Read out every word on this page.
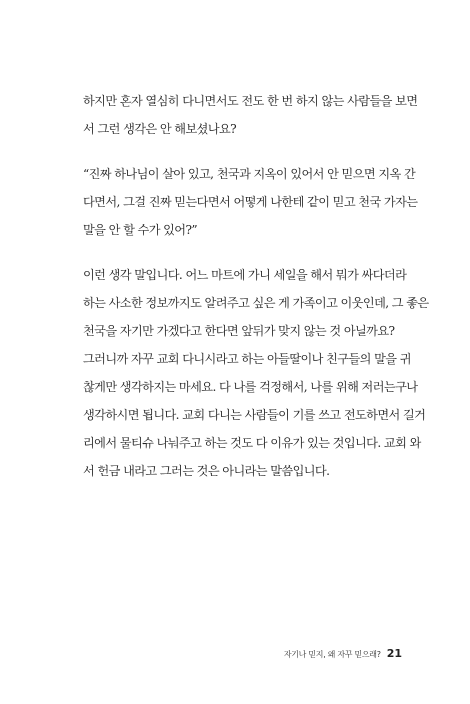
하지만 혼자 열심히 다니면서도 전도 한 번 하지 않는 사람들을 보면
서 그런 생각은 안 해보셨나요?
“진짜 하나님이 살아 있고, 천국과 지옥이 있어서 안 믿으면 지옥 간
다면서, 그걸 진짜 믿는다면서 어떻게 나한테 같이 믿고 천국 가자는
말을 안 할 수가 있어?”
이런 생각 말입니다. 어느 마트에 가니 세일을 해서 뭐가 싸다더라
하는 사소한 정보까지도 알려주고 싶은 게 가족이고 이웃인데, 그 좋은
천국을 자기만 가겠다고 한다면 앞뒤가 맞지 않는 것 아닐까요?
그러니까 자꾸 교회 다니시라고 하는 아들딸이나 친구들의 말을 귀
찮게만 생각하지는 마세요. 다 나를 걱정해서, 나를 위해 저러는구나
생각하시면 됩니다. 교회 다니는 사람들이 기를 쓰고 전도하면서 길거
리에서 물티슈 나눠주고 하는 것도 다 이유가 있는 것입니다. 교회 와
서 헌금 내라고 그러는 것은 아니라는 말씀입니다.
자기나 믿지, 왜 자꾸 믿으래? 21
